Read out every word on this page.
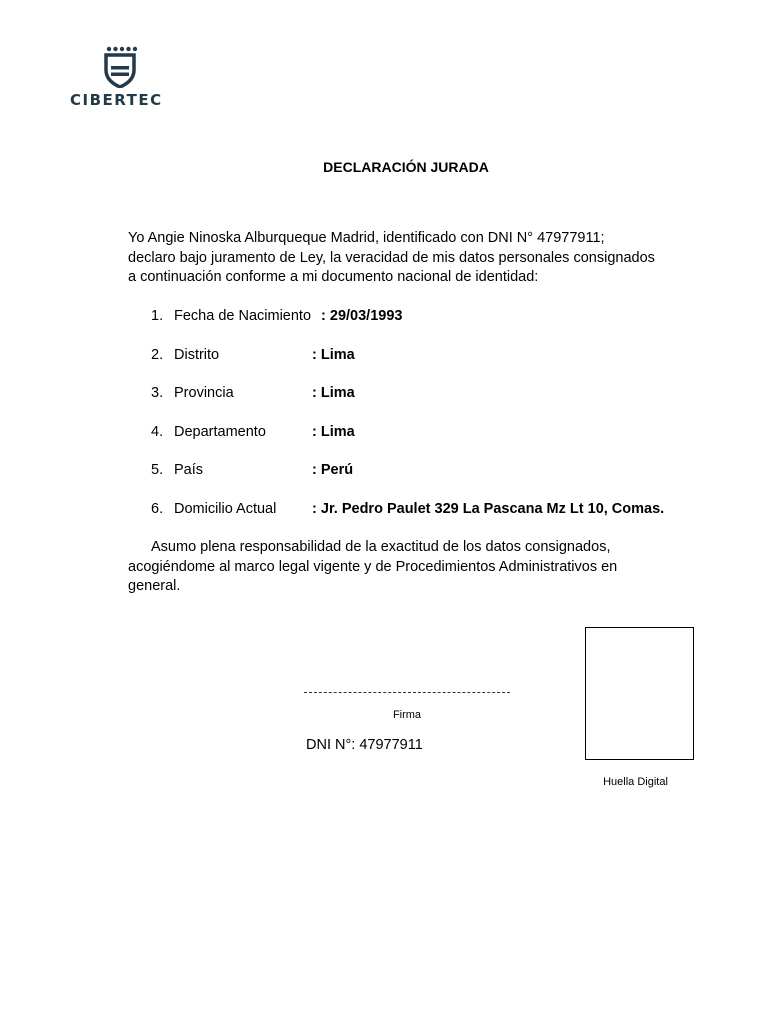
CIBERTEC
DECLARACIÓN JURADA
Yo Angie Ninoska Alburqueque Madrid, identificado con DNI N° 47977911;
declaro bajo juramento de Ley, la veracidad de mis datos personales consignados
a continuación conforme a mi documento nacional de identidad:
1. Fecha de Nacimiento : 29/03/1993
2. Distrito	: Lima
3. Provincia	: Lima
4. Departamento	: Lima
5. País	: Perú
6. Domicilio Actual : Jr. Pedro Paulet 329 La Pascana Mz Lt 10, Comas.
Asumo plena responsabilidad de la exactitud de los datos consignados,
acogiéndome al marco legal vigente y de Procedimientos Administrativos en
general.
Firma
DNI N°: 47977911
Huella Digital
